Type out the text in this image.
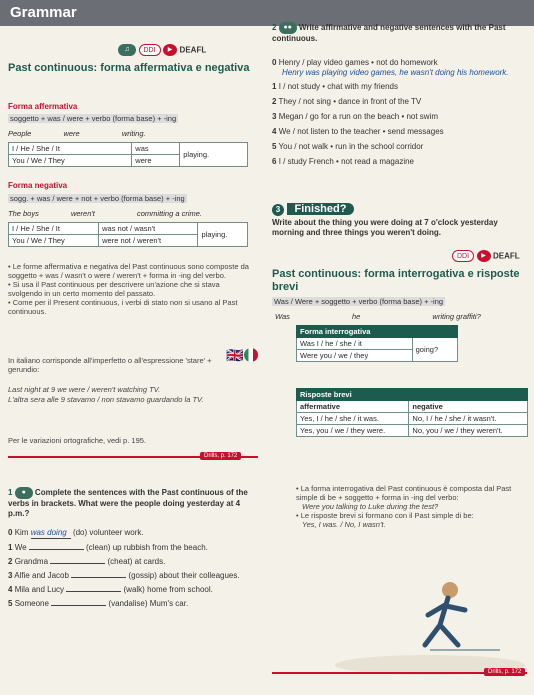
Grammar
♫ DDI ▶ DEAFL
Past continuous: forma affermativa e negativa
Forma affermativa
soggetto + was / were + verbo (forma base) + -ing
People	were	writing.
I / He / She / It	was	playing.
You / We / They	were	
Forma negativa
sogg. + was / were + not + verbo (forma base) + -ing
The boys	weren't	committing a crime.
I / He / She / It	was not / wasn't	playing.
You / We / They	were not / weren't	
• Le forme affermativa e negativa del Past continuous sono composte da soggetto + was / wasn't o were / weren't + forma in -ing del verbo.
• Si usa il Past continuous per descrivere un'azione che si stava svolgendo in un certo momento del passato.
• Come per il Present continuous, i verbi di stato non si usano al Past continuous.
🇬🇧
In italiano corrisponde all'imperfetto o all'espressione 'stare' + gerundio:
Last night at 9 we were / weren't watching TV.
L'altra sera alle 9 stavamo / non stavamo guardando la TV.
Per le variazioni ortografiche, vedi p. 195.
Drills, p. 172
1 ● Complete the sentences with the Past continuous of the verbs in brackets. What were the people doing yesterday at 4 p.m.?
0 Kim was doing (do) volunteer work.
1 We	(clean) up rubbish from the beach.
2 Grandma	(cheat) at cards.
3 Alfie and Jacob	(gossip) about their colleagues.
4 Mila and Lucy	(walk) home from school.
5 Someone	(vandalise) Mum's car.
2 ●● Write affirmative and negative sentences with the Past continuous.
0 Henry / play video games • not do homework
Henry was playing video games, he wasn't doing his homework.
1 I / not study • chat with my friends
2 They / not sing • dance in front of the TV
3 Megan / go for a run on the beach • not swim
4 We / not listen to the teacher • send messages
5 You / not walk • run in the school corridor
6 I / study French • not read a magazine
3 Finished?
Write about the thing you were doing at 7 o'clock yesterday morning and three things you weren't doing.
DDI ▶ DEAFL
Past continuous: forma interrogativa e risposte brevi
Was / Were + soggetto + verbo (forma base) + -ing
Was	he	writing graffiti?
Forma interrogativa
Was I / he / she / it	going?
Were you / we / they
Risposte brevi	
affermative	negative
Yes, I / he / she / it was.	No, I / he / she / it wasn't.
Yes, you / we / they were.	No, you / we / they weren't.
• La forma interrogativa del Past continuous è composta dal Past simple di be + soggetto + forma in -ing del verbo:
Were you talking to Luke during the test?
• Le risposte brevi si formano con il Past simple di be:
Yes, I was. / No, I wasn't.
Drills, p. 172
